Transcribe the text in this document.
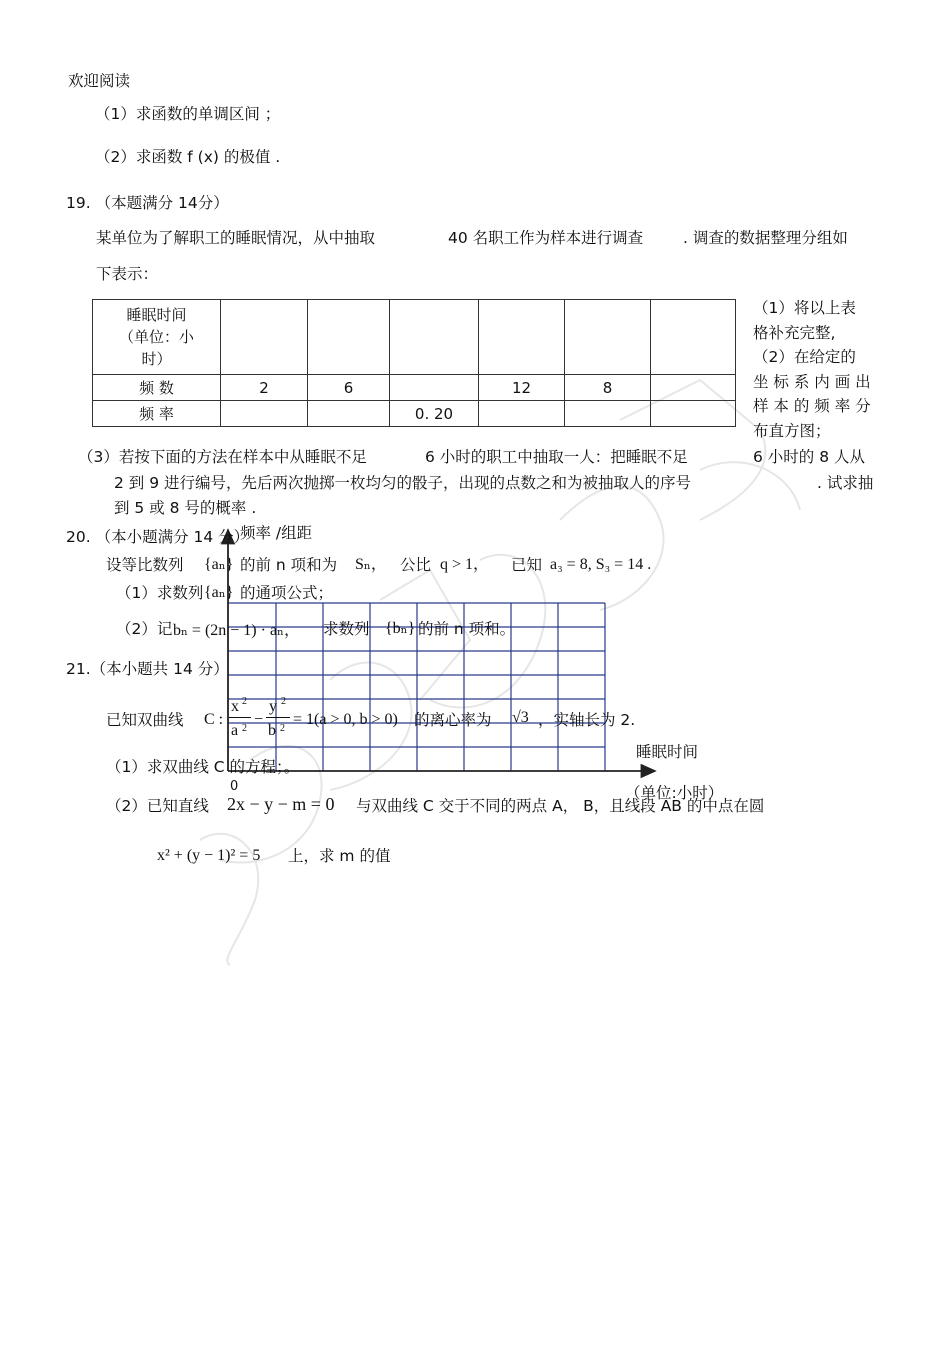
欢迎阅读
（1）求函数的单调区间 ；
（2）求函数 f (x) 的极值 .
19. （本题满分 14分）
某单位为了解职工的睡眠情况，从中抽取	40 名职工作为样本进行调查	. 调查的数据整理分组如
下表示：
睡眠时间
（单位：小
时）						

频 数	2	6		12	8	
频 率			0. 20			
（1）将以上表
格补充完整,
（2）在给定的
坐 标 系 内 画 出
样 本 的 频 率 分
布直方图；
（3）若按下面的方法在样本中从睡眠不足	6 小时的职工中抽取一人：把睡眠不足	6 小时的 8 人从
2 到 9 进行编号，先后两次抛掷一枚均匀的骰子，出现的点数之和为被抽取人的序号	. 试求抽
到 5 或 8 号的概率 .
频率 /组距
睡眠时间
（单位:小时）
0
20. （本小题满分 14 分）
设等比数列 {aₙ} 的前 n 项和为 Sₙ， 公比 q > 1， 已知 a₃ = 8, S₃ = 14 .
（1）求数列 {aₙ} 的通项公式；
（2）记 bₙ = (2n − 1) · aₙ， 求数列 {bₙ} 的前 n 项和。
21.（本小题共 14 分）
已知双曲线 C :
x 2
a 2
−
y 2
b 2
= 1(a > 0, b > 0) 的离心率为 √3 ，实轴长为 2.
（1）求双曲线 C 的方程；。
（2）已知直线 2x − y − m = 0 与双曲线 C 交于不同的两点 A， B，且线段 AB 的中点在圆
x² + (y − 1)² = 5 上，求 m 的值
